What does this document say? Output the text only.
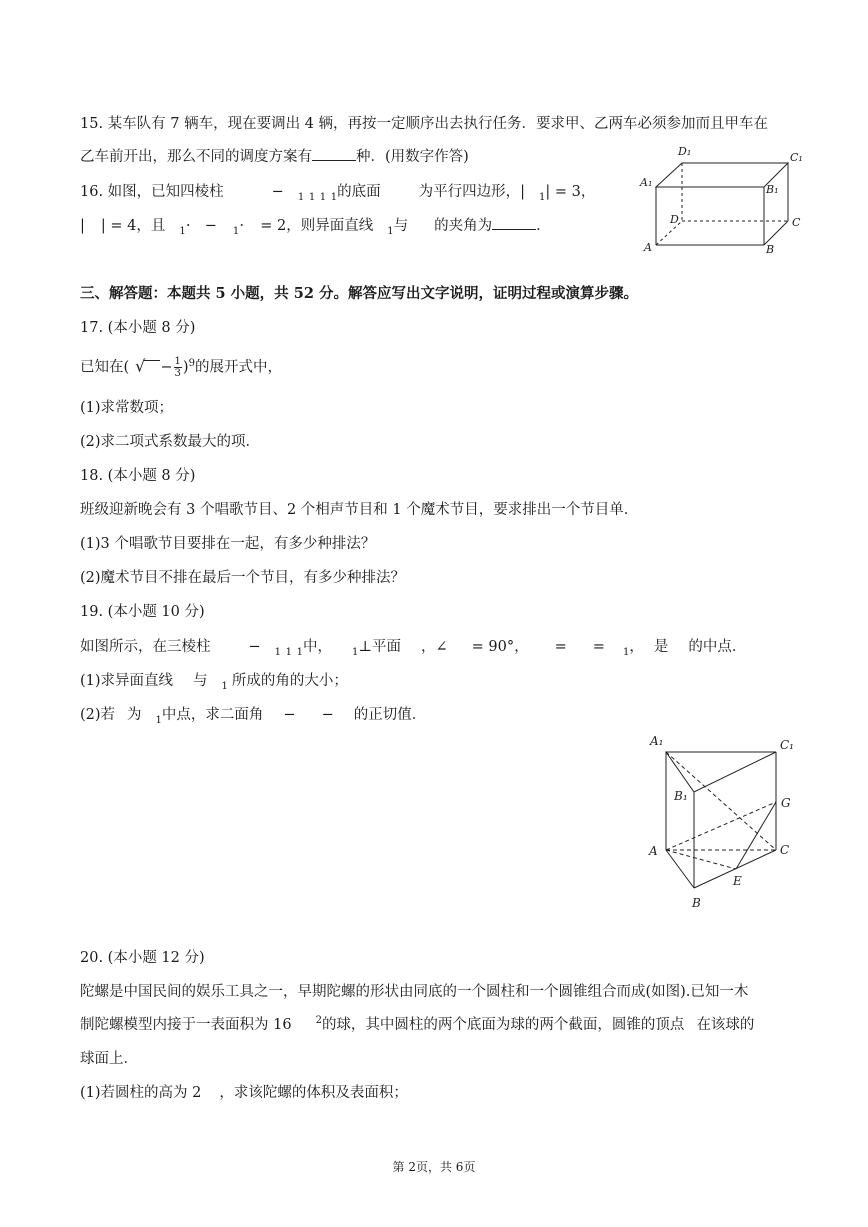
15. 某车队有 7 辆车，现在要调出 4 辆，再按一定顺序出去执行任务．要求甲、乙两车必须参加而且甲车在
乙车前开出，那么不同的调度方案有	种．(用数字作答)
16. 如图，已知四棱柱	− $_1$ $_1$ $_1$ $_1$的底面	为平行四边形，| $_1$| = 3，
| | = 4，且 $_1$⋅ − $_1$⋅ = 2，则异面直线 $_1$与 的夹角为	．
D₁	C₁
A₁
B₁
D	C
A	B
三、解答题：本题共 5 小题，共 52 分。解答应写出文字说明，证明过程或演算步骤。
17. (本小题 8 分)
已知在( √ − $\frac{1}{3} )^9$的展开式中，
(1)求常数项；
(2)求二项式系数最大的项．
18. (本小题 8 分)
班级迎新晚会有 3 个唱歌节目、2 个相声节目和 1 个魔术节目，要求排出一个节目单．
(1)3 个唱歌节目要排在一起，有多少种排法？
(2)魔术节目不排在最后一个节目，有多少种排法？
19. (本小题 10 分)
如图所示，在三棱柱	− $_1$ $_1$ $_1$中， $_1$⊥平面 ，∠ = 90°， = = $_1$， 是 的中点．
(1)求异面直线 与 $_1$ 所成的角的大小；
(2)若 为 $_1$中点，求二面角 − − 的正切值．
A₁	C₁
B₁	G
A	C
E
B
20. (本小题 12 分)
陀螺是中国民间的娱乐工具之一，早期陀螺的形状由同底的一个圆柱和一个圆锥组合而成(如图).已知一木
制陀螺模型内接于一表面积为 16 $^2$的球，其中圆柱的两个底面为球的两个截面，圆锥的顶点 在该球的
球面上．
(1)若圆柱的高为 2 ，求该陀螺的体积及表面积；
第 2页，共 6页
